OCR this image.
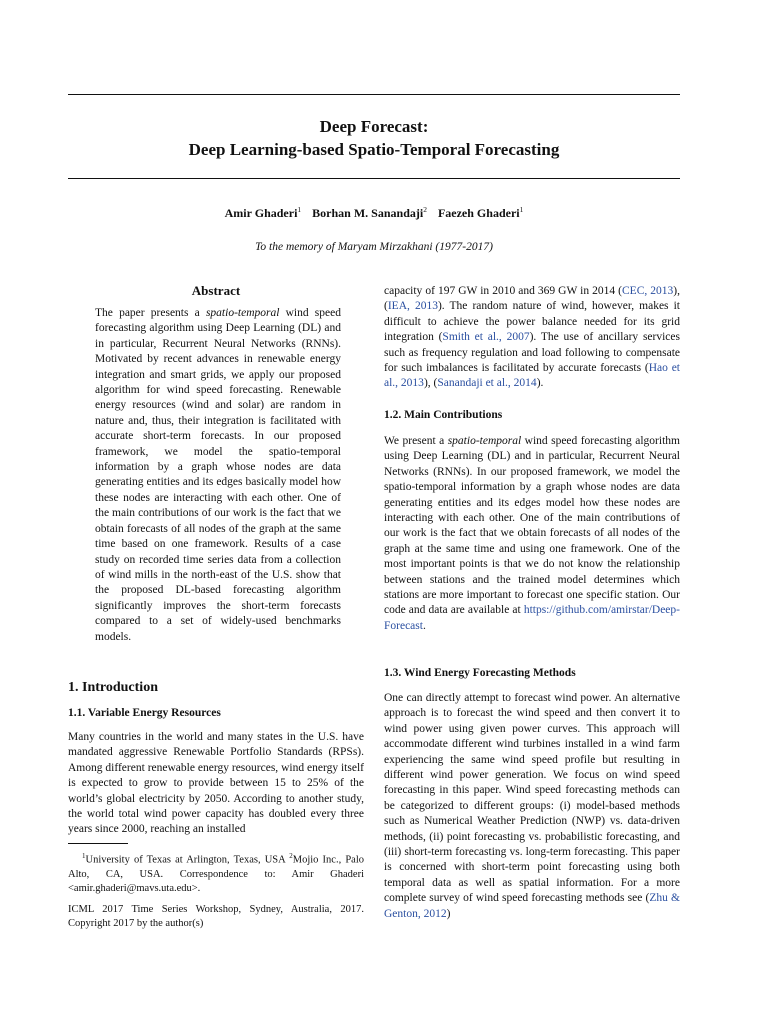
Deep Forecast:
Deep Learning-based Spatio-Temporal Forecasting
Amir Ghaderi$^1$ Borhan M. Sanandaji$^2$ Faezeh Ghaderi$^1$
To the memory of Maryam Mirzakhani (1977-2017)
Abstract

The paper presents a spatio-temporal wind speed forecasting algorithm using Deep Learning (DL) and in particular, Recurrent Neural Networks (RNNs). Motivated by recent advances in renewable energy integration and smart grids, we apply our proposed algorithm for wind speed forecasting. Renewable energy resources (wind and solar) are random in nature and, thus, their integration is facilitated with accurate short-term forecasts. In our proposed framework, we model the spatio-temporal information by a graph whose nodes are data generating entities and its edges basically model how these nodes are interacting with each other. One of the main contributions of our work is the fact that we obtain forecasts of all nodes of the graph at the same time based on one framework. Results of a case study on recorded time series data from a collection of wind mills in the north-east of the U.S. show that the proposed DL-based forecasting algorithm significantly improves the short-term forecasts compared to a set of widely-used benchmarks models.

1. Introduction
1.1. Variable Energy Resources

Many countries in the world and many states in the U.S. have mandated aggressive Renewable Portfolio Standards (RPSs). Among different renewable energy resources, wind energy itself is expected to grow to provide between 15 to 25% of the world’s global electricity by 2050. According to another study, the world total wind power capacity has doubled every three years since 2000, reaching an installed

$^1$University of Texas at Arlington, Texas, USA $^2$Mojio Inc., Palo Alto, CA, USA. Correspondence to: Amir Ghaderi <amir.ghaderi@mavs.uta.edu>.
ICML 2017 Time Series Workshop, Sydney, Australia, 2017. Copyright 2017 by the author(s)

capacity of 197 GW in 2010 and 369 GW in 2014 (CEC, 2013), (IEA, 2013). The random nature of wind, however, makes it difficult to achieve the power balance needed for its grid integration (Smith et al., 2007). The use of ancillary services such as frequency regulation and load following to compensate for such imbalances is facilitated by accurate forecasts (Hao et al., 2013), (Sanandaji et al., 2014).

1.2. Main Contributions

We present a spatio-temporal wind speed forecasting algorithm using Deep Learning (DL) and in particular, Recurrent Neural Networks (RNNs). In our proposed framework, we model the spatio-temporal information by a graph whose nodes are data generating entities and its edges model how these nodes are interacting with each other. One of the main contributions of our work is the fact that we obtain forecasts of all nodes of the graph at the same time and using one framework. One of the most important points is that we do not know the relationship between stations and the trained model determines which stations are more important to forecast one specific station. Our code and data are available at https://github.com/amirstar/Deep-Forecast.

1.3. Wind Energy Forecasting Methods

One can directly attempt to forecast wind power. An alternative approach is to forecast the wind speed and then convert it to wind power using given power curves. This approach will accommodate different wind turbines installed in a wind farm experiencing the same wind speed profile but resulting in different wind power generation. We focus on wind speed forecasting in this paper. Wind speed forecasting methods can be categorized to different groups: (i) model-based methods such as Numerical Weather Prediction (NWP) vs. data-driven methods, (ii) point forecasting vs. probabilistic forecasting, and (iii) short-term forecasting vs. long-term forecasting. This paper is concerned with short-term point forecasting using both temporal data as well as spatial information. For a more complete survey of wind speed forecasting methods see (Zhu & Genton, 2012)
